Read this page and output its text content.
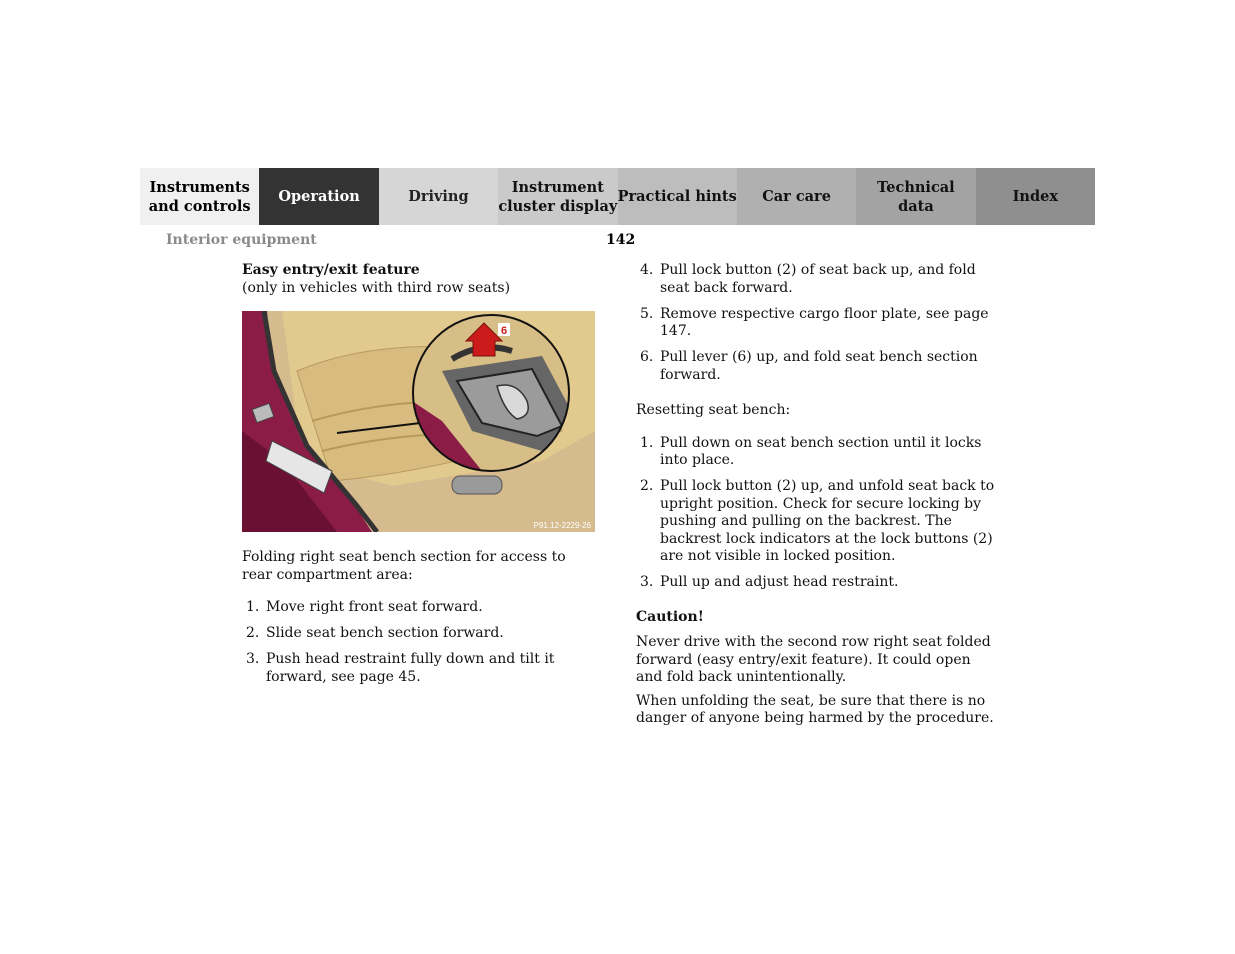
Instruments
and controls
Operation	Driving
Instrument
cluster display
Practical hints	Car care
Technical
data
Index
Interior equipment	142

Easy entry/exit feature

(only in vehicles with third row seats)

6
P91.12-2229-26

Folding right seat bench section for access to rear compartment area:

1. Move right front seat forward.
2. Slide seat bench section forward.
3. Push head restraint fully down and tilt it forward, see page 45.
4. Pull lock button (2) of seat back up, and fold seat back forward.
5. Remove respective cargo floor plate, see page 147.
6. Pull lever (6) up, and fold seat bench section forward.

Resetting seat bench:

1. Pull down on seat bench section until it locks into place.
2. Pull lock button (2) up, and unfold seat back to upright position. Check for secure locking by pushing and pulling on the backrest. The backrest lock indicators at the lock buttons (2) are not visible in locked position.
3. Pull up and adjust head restraint.

Caution!

Never drive with the second row right seat folded forward (easy entry/exit feature). It could open and fold back unintentionally.

When unfolding the seat, be sure that there is no danger of anyone being harmed by the procedure.
